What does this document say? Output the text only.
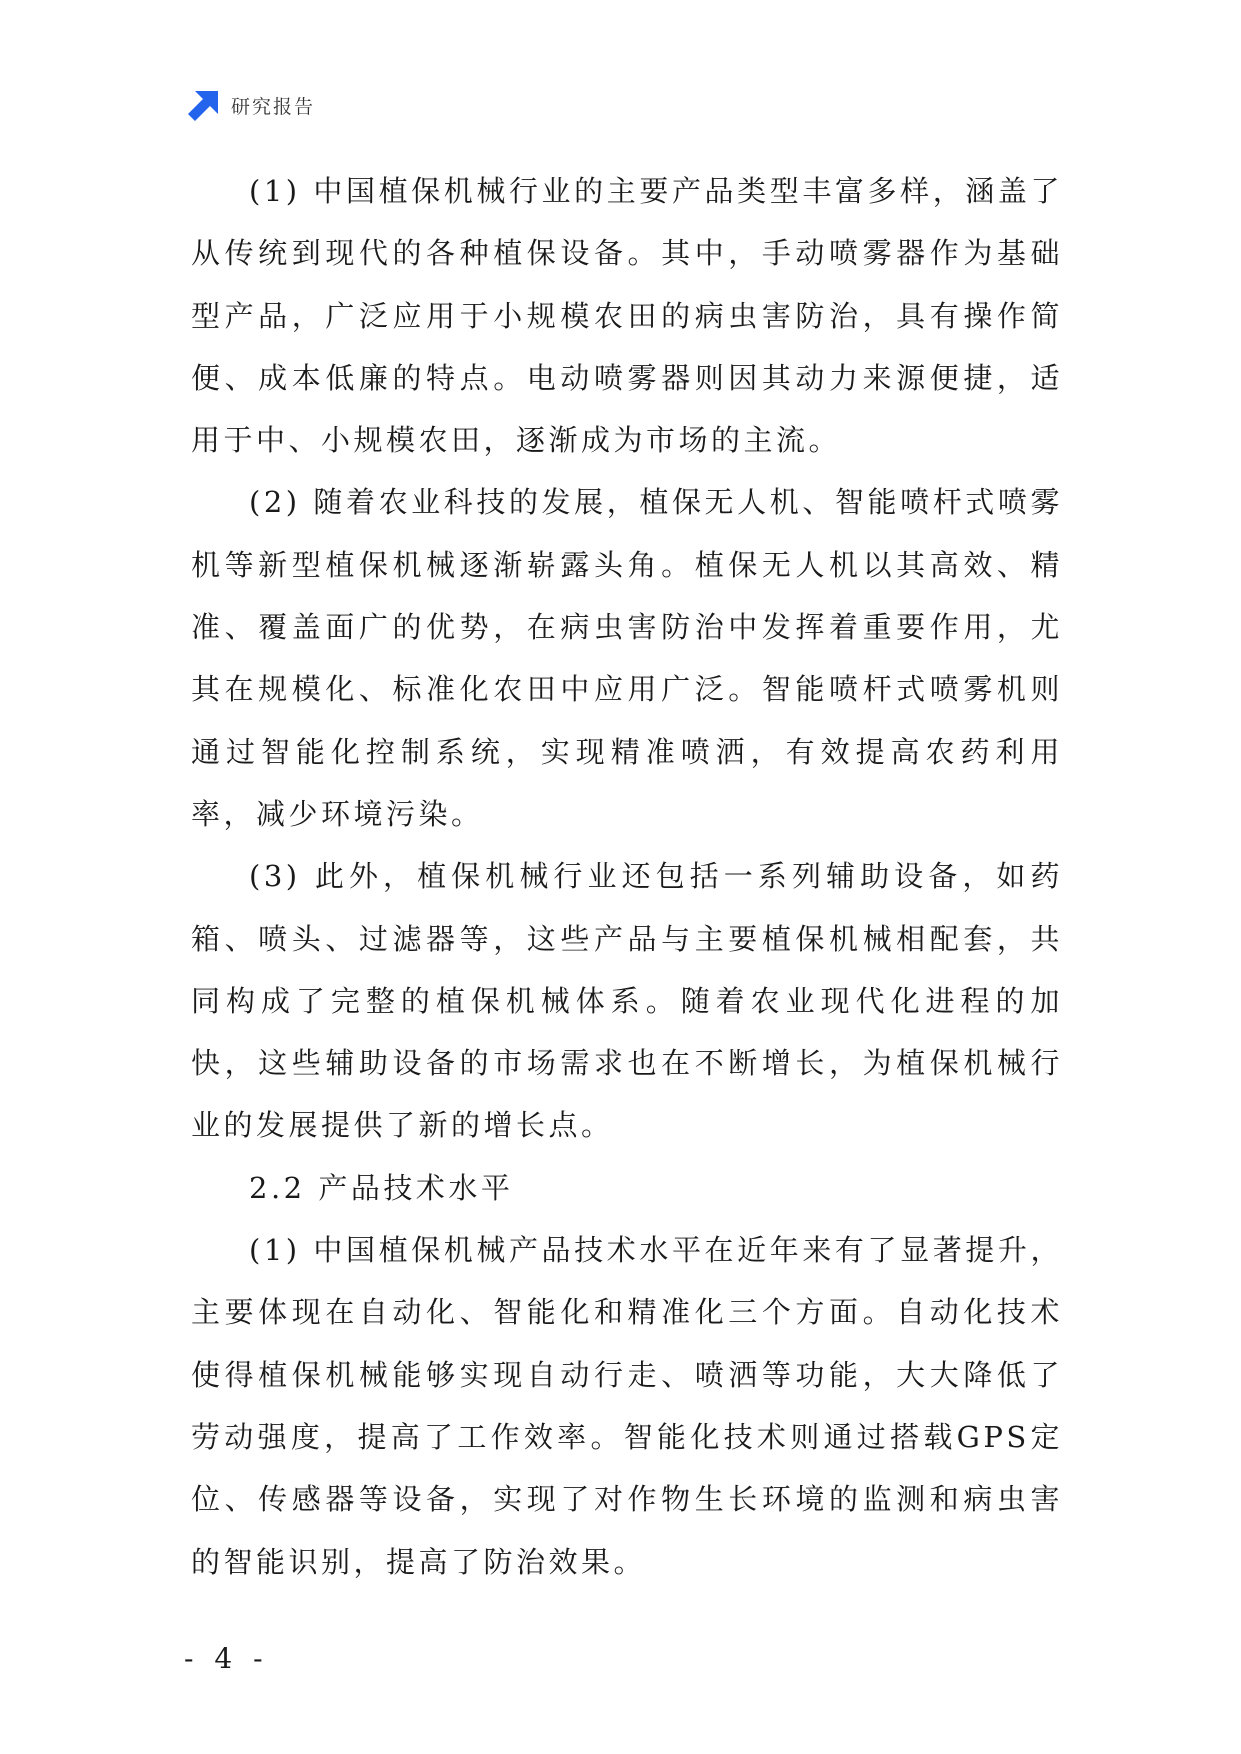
研究报告

(1) 中国植保机械行业的主要产品类型丰富多样，涵盖了从传统到现代的各种植保设备。其中，手动喷雾器作为基础型产品，广泛应用于小规模农田的病虫害防治，具有操作简便、成本低廉的特点。电动喷雾器则因其动力来源便捷，适用于中、小规模农田，逐渐成为市场的主流。

(2) 随着农业科技的发展，植保无人机、智能喷杆式喷雾机等新型植保机械逐渐崭露头角。植保无人机以其高效、精准、覆盖面广的优势，在病虫害防治中发挥着重要作用，尤其在规模化、标准化农田中应用广泛。智能喷杆式喷雾机则通过智能化控制系统，实现精准喷洒，有效提高农药利用率，减少环境污染。

(3) 此外，植保机械行业还包括一系列辅助设备，如药箱、喷头、过滤器等，这些产品与主要植保机械相配套，共同构成了完整的植保机械体系。随着农业现代化进程的加快，这些辅助设备的市场需求也在不断增长，为植保机械行业的发展提供了新的增长点。

2.2 产品技术水平

(1) 中国植保机械产品技术水平在近年来有了显著提升，主要体现在自动化、智能化和精准化三个方面。自动化技术使得植保机械能够实现自动行走、喷洒等功能，大大降低了劳动强度，提高了工作效率。智能化技术则通过搭载GPS定位、传感器等设备，实现了对作物生长环境的监测和病虫害的智能识别，提高了防治效果。

- 4 -
